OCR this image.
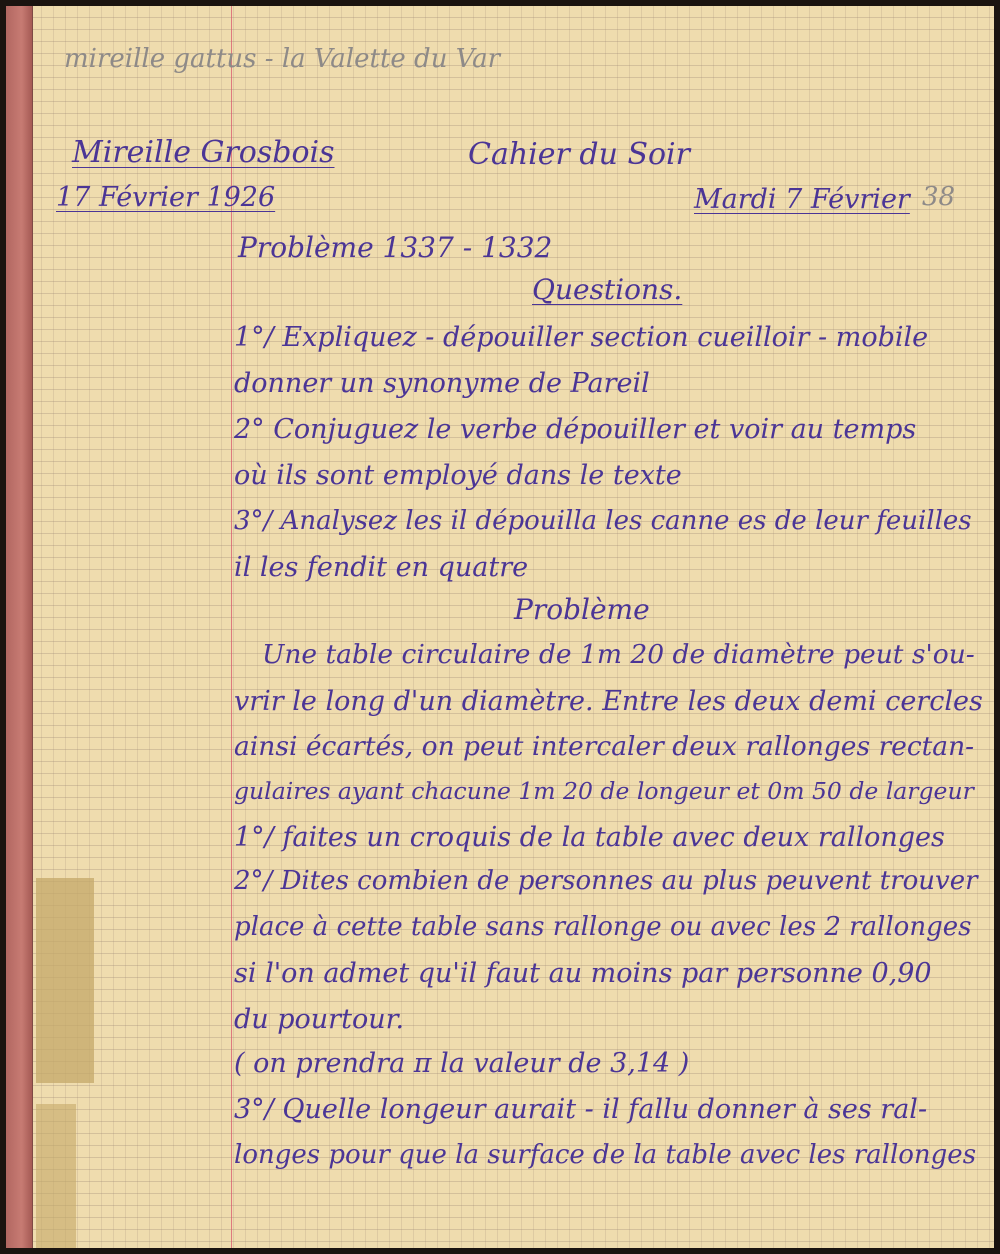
mireille gattus - la Valette du Var
Mireille Grosbois	Cahier du Soir
17 Février 1926	Mardi 7 Février 38
Problème 1337 - 1332
Questions.
1°/ Expliquez - dépouiller section cueilloir - mobile
donner un synonyme de Pareil
2° Conjuguez le verbe dépouiller et voir au temps
où ils sont employé dans le texte
3°/ Analysez les il dépouilla les canne es de leur feuilles
il les fendit en quatre
Problème
Une table circulaire de 1m 20 de diamètre peut s'ou-
vrir le long d'un diamètre. Entre les deux demi cercles
ainsi écartés, on peut intercaler deux rallonges rectan-
gulaires ayant chacune 1m 20 de longeur et 0m 50 de largeur
1°/ faites un croquis de la table avec deux rallonges
2°/ Dites combien de personnes au plus peuvent trouver
place à cette table sans rallonge ou avec les 2 rallonges
si l'on admet qu'il faut au moins par personne 0,90
du pourtour.
( on prendra π la valeur de 3,14 )
3°/ Quelle longeur aurait - il fallu donner à ses ral-
longes pour que la surface de la table avec les rallonges
